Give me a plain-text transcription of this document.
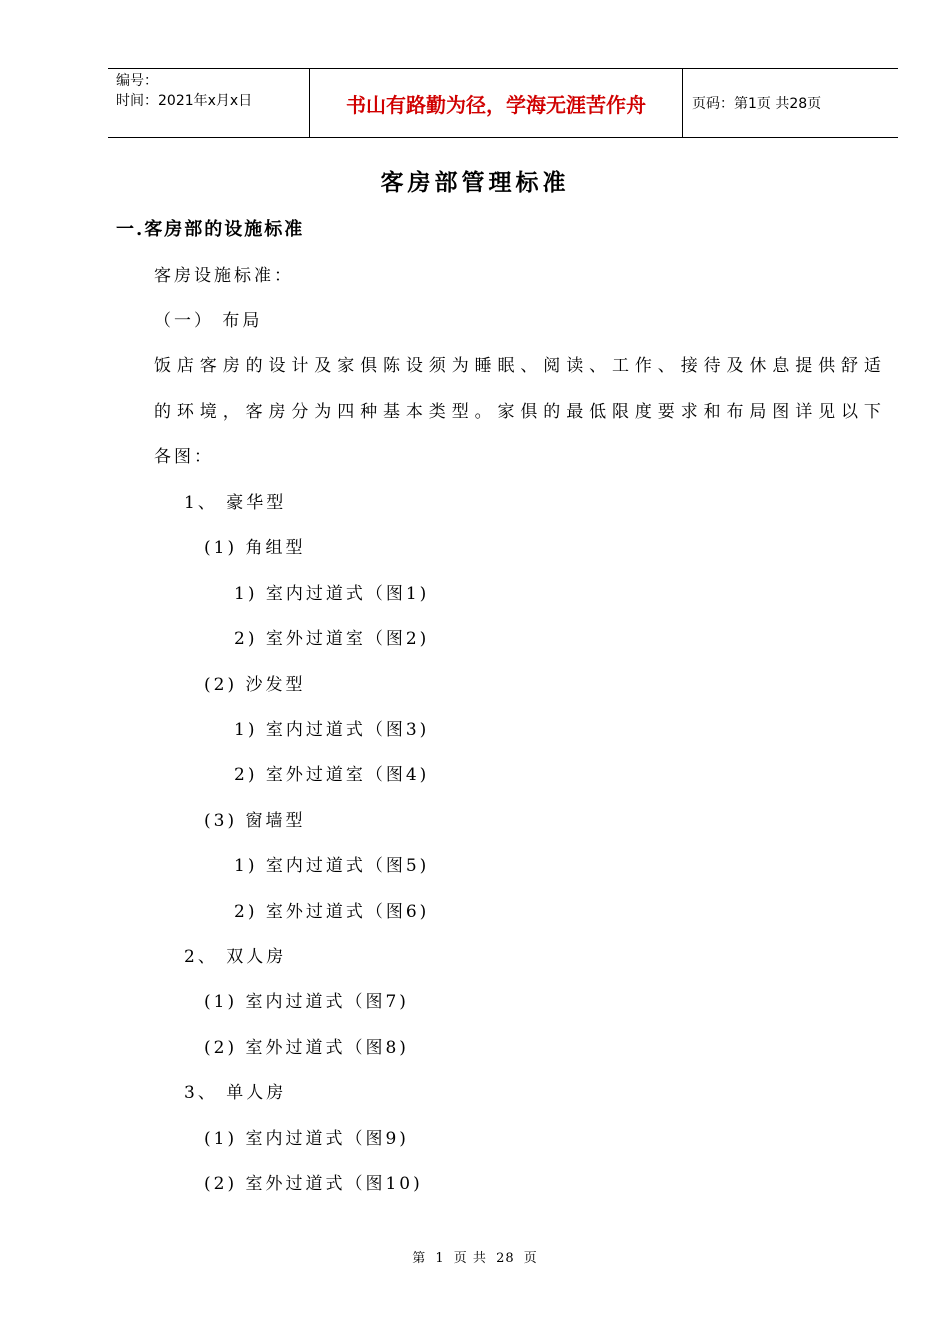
编号：
时间：2021年x月x日	书山有路勤为径，学海无涯苦作舟	页码：第1页 共28页
客房部管理标准
一.客房部的设施标准
客房设施标准：
（一） 布局
饭店客房的设计及家俱陈设须为睡眠、阅读、工作、接待及休息提供舒适
的环境，客房分为四种基本类型。家俱的最低限度要求和布局图详见以下
各图：
1、 豪华型
(1) 角组型
1) 室内过道式（图1)
2) 室外过道室（图2)
(2) 沙发型
1) 室内过道式（图3)
2) 室外过道室（图4)
(3) 窗墙型
1) 室内过道式（图5)
2) 室外过道式（图6)
2、 双人房
(1) 室内过道式（图7)
(2) 室外过道式（图8)
3、 单人房
(1) 室内过道式（图9)
(2) 室外过道式（图10)
第 1 页 共 28 页
